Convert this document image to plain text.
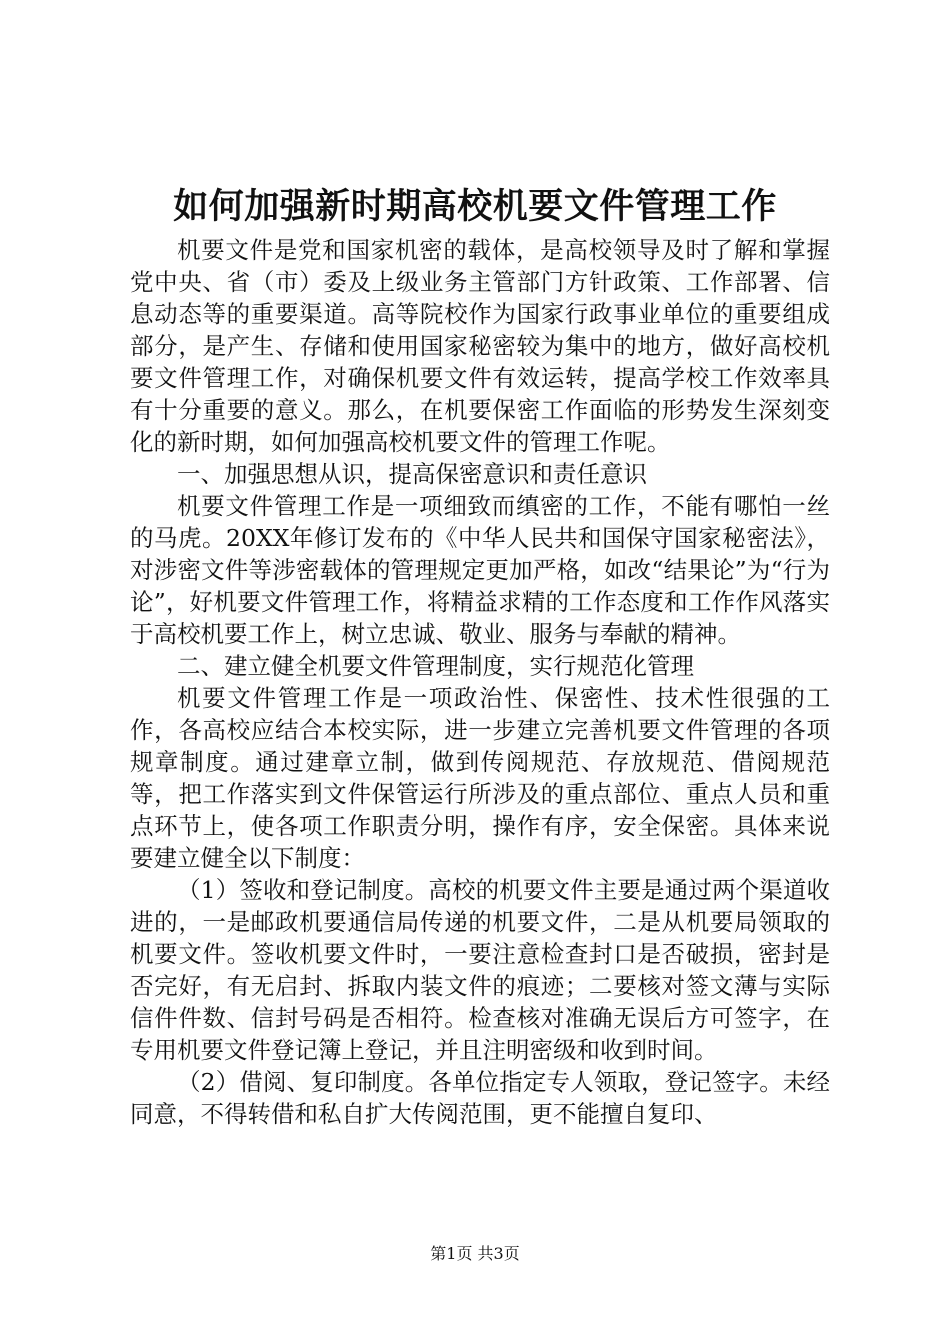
如何加强新时期高校机要文件管理工作

机要文件是党和国家机密的载体，是高校领导及时了解和掌握党中央、省（市）委及上级业务主管部门方针政策、工作部署、信息动态等的重要渠道。高等院校作为国家行政事业单位的重要组成部分，是产生、存储和使用国家秘密较为集中的地方，做好高校机要文件管理工作，对确保机要文件有效运转，提高学校工作效率具有十分重要的意义。那么，在机要保密工作面临的形势发生深刻变化的新时期，如何加强高校机要文件的管理工作呢。

一、加强思想从识，提高保密意识和责任意识

机要文件管理工作是一项细致而缜密的工作，不能有哪怕一丝的马虎。20XX年修订发布的《中华人民共和国保守国家秘密法》，对涉密文件等涉密载体的管理规定更加严格，如改“结果论”为“行为论”，好机要文件管理工作，将精益求精的工作态度和工作作风落实于高校机要工作上，树立忠诚、敬业、服务与奉献的精神。

二、建立健全机要文件管理制度，实行规范化管理

机要文件管理工作是一项政治性、保密性、技术性很强的工作，各高校应结合本校实际，进一步建立完善机要文件管理的各项规章制度。通过建章立制，做到传阅规范、存放规范、借阅规范等，把工作落实到文件保管运行所涉及的重点部位、重点人员和重点环节上，使各项工作职责分明，操作有序，安全保密。具体来说要建立健全以下制度：

（1）签收和登记制度。高校的机要文件主要是通过两个渠道收进的，一是邮政机要通信局传递的机要文件，二是从机要局领取的机要文件。签收机要文件时，一要注意检查封口是否破损，密封是否完好，有无启封、拆取内装文件的痕迹；二要核对签文薄与实际信件件数、信封号码是否相符。检查核对准确无误后方可签字，在专用机要文件登记簿上登记，并且注明密级和收到时间。

（2）借阅、复印制度。各单位指定专人领取，登记签字。未经同意，不得转借和私自扩大传阅范围，更不能擅自复印、

第1页 共3页
